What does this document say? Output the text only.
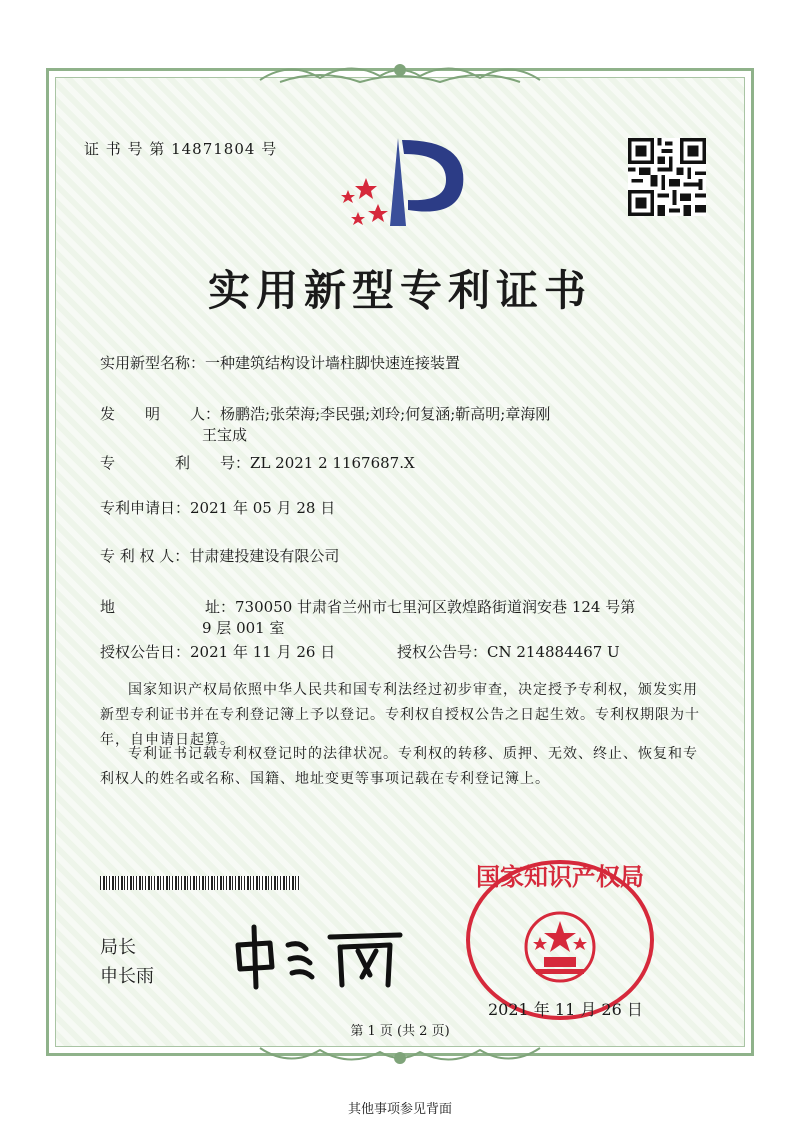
证 书 号 第 14871804 号
实用新型专利证书
实用新型名称：一种建筑结构设计墙柱脚快速连接装置
发　　明　　人：杨鹏浩;张荣海;李民强;刘玲;何复涵;靳高明;章海刚
王宝成
专　　　　利　　号：ZL 2021 2 1167687.X
专利申请日：2021 年 05 月 28 日
专 利 权 人：甘肃建投建设有限公司
地　　　　　　址：730050 甘肃省兰州市七里河区敦煌路街道润安巷 124 号第
9 层 001 室
授权公告日：2021 年 11 月 26 日	授权公告号：CN 214884467 U
国家知识产权局依照中华人民共和国专利法经过初步审查，决定授予专利权，颁发实用新型专利证书并在专利登记簿上予以登记。专利权自授权公告之日起生效。专利权期限为十年，自申请日起算。
专利证书记载专利权登记时的法律状况。专利权的转移、质押、无效、终止、恢复和专利权人的姓名或名称、国籍、地址变更等事项记载在专利登记簿上。
局长
申长雨
国家知识产权局
2021 年 11 月 26 日
第 1 页 (共 2 页)
其他事项参见背面
